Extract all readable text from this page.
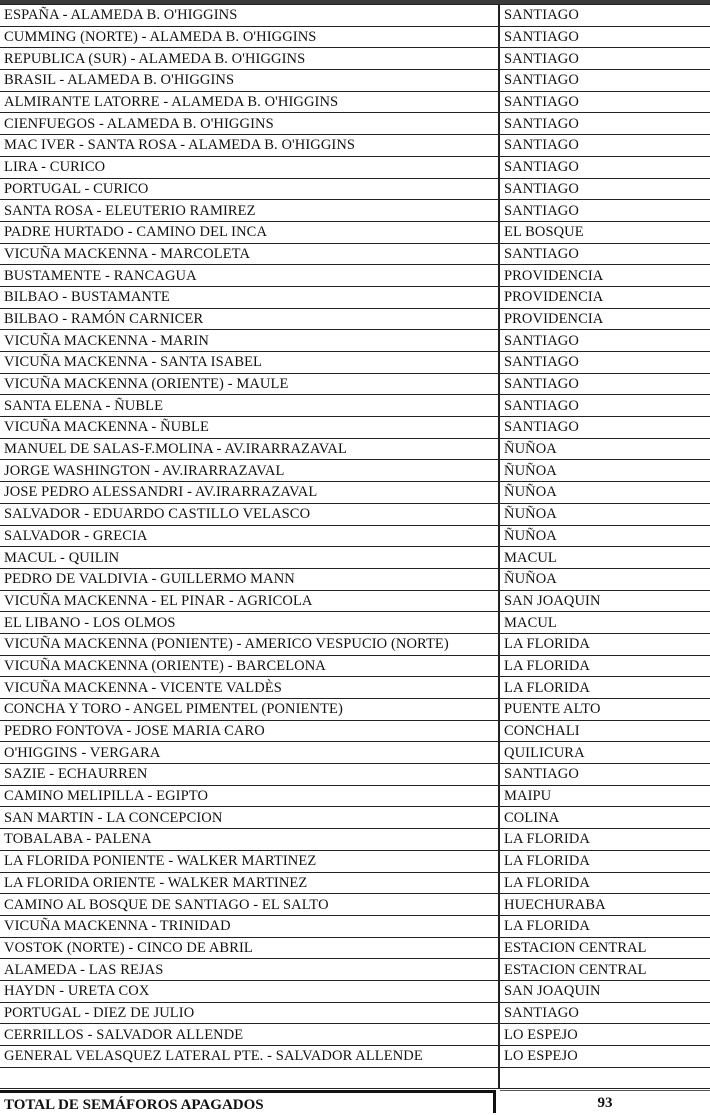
ESPAÑA - ALAMEDA B. O'HIGGINS	SANTIAGO
CUMMING (NORTE) - ALAMEDA B. O'HIGGINS	SANTIAGO
REPUBLICA (SUR) - ALAMEDA B. O'HIGGINS	SANTIAGO
BRASIL - ALAMEDA B. O'HIGGINS	SANTIAGO
ALMIRANTE LATORRE - ALAMEDA B. O'HIGGINS	SANTIAGO
CIENFUEGOS - ALAMEDA B. O'HIGGINS	SANTIAGO
MAC IVER - SANTA ROSA - ALAMEDA B. O'HIGGINS	SANTIAGO
LIRA - CURICO	SANTIAGO
PORTUGAL - CURICO	SANTIAGO
SANTA ROSA - ELEUTERIO RAMIREZ	SANTIAGO
PADRE HURTADO - CAMINO DEL INCA	EL BOSQUE
VICUÑA MACKENNA - MARCOLETA	SANTIAGO
BUSTAMENTE - RANCAGUA	PROVIDENCIA
BILBAO - BUSTAMANTE	PROVIDENCIA
BILBAO - RAMÓN CARNICER	PROVIDENCIA
VICUÑA MACKENNA - MARIN	SANTIAGO
VICUÑA MACKENNA - SANTA ISABEL	SANTIAGO
VICUÑA MACKENNA (ORIENTE) - MAULE	SANTIAGO
SANTA ELENA - ÑUBLE	SANTIAGO
VICUÑA MACKENNA - ÑUBLE	SANTIAGO
MANUEL DE SALAS-F.MOLINA - AV.IRARRAZAVAL	ÑUÑOA
JORGE WASHINGTON - AV.IRARRAZAVAL	ÑUÑOA
JOSE PEDRO ALESSANDRI - AV.IRARRAZAVAL	ÑUÑOA
SALVADOR - EDUARDO CASTILLO VELASCO	ÑUÑOA
SALVADOR - GRECIA	ÑUÑOA
MACUL - QUILIN	MACUL
PEDRO DE VALDIVIA - GUILLERMO MANN	ÑUÑOA
VICUÑA MACKENNA - EL PINAR - AGRICOLA	SAN JOAQUIN
EL LIBANO - LOS OLMOS	MACUL
VICUÑA MACKENNA (PONIENTE) - AMERICO VESPUCIO (NORTE)	LA FLORIDA
VICUÑA MACKENNA (ORIENTE) - BARCELONA	LA FLORIDA
VICUÑA MACKENNA - VICENTE VALDÈS	LA FLORIDA
CONCHA Y TORO - ANGEL PIMENTEL (PONIENTE)	PUENTE ALTO
PEDRO FONTOVA - JOSE MARIA CARO	CONCHALI
O'HIGGINS - VERGARA	QUILICURA
SAZIE - ECHAURREN	SANTIAGO
CAMINO MELIPILLA - EGIPTO	MAIPU
SAN MARTIN - LA CONCEPCION	COLINA
TOBALABA - PALENA	LA FLORIDA
LA FLORIDA PONIENTE - WALKER MARTINEZ	LA FLORIDA
LA FLORIDA ORIENTE - WALKER MARTINEZ	LA FLORIDA
CAMINO AL BOSQUE DE SANTIAGO - EL SALTO	HUECHURABA
VICUÑA MACKENNA - TRINIDAD	LA FLORIDA
VOSTOK (NORTE) - CINCO DE ABRIL	ESTACION CENTRAL
ALAMEDA - LAS REJAS	ESTACION CENTRAL
HAYDN - URETA COX	SAN JOAQUIN
PORTUGAL - DIEZ DE JULIO	SANTIAGO
CERRILLOS - SALVADOR ALLENDE	LO ESPEJO
GENERAL VELASQUEZ LATERAL PTE. - SALVADOR ALLENDE	LO ESPEJO

TOTAL DE SEMÁFOROS APAGADOS	93
